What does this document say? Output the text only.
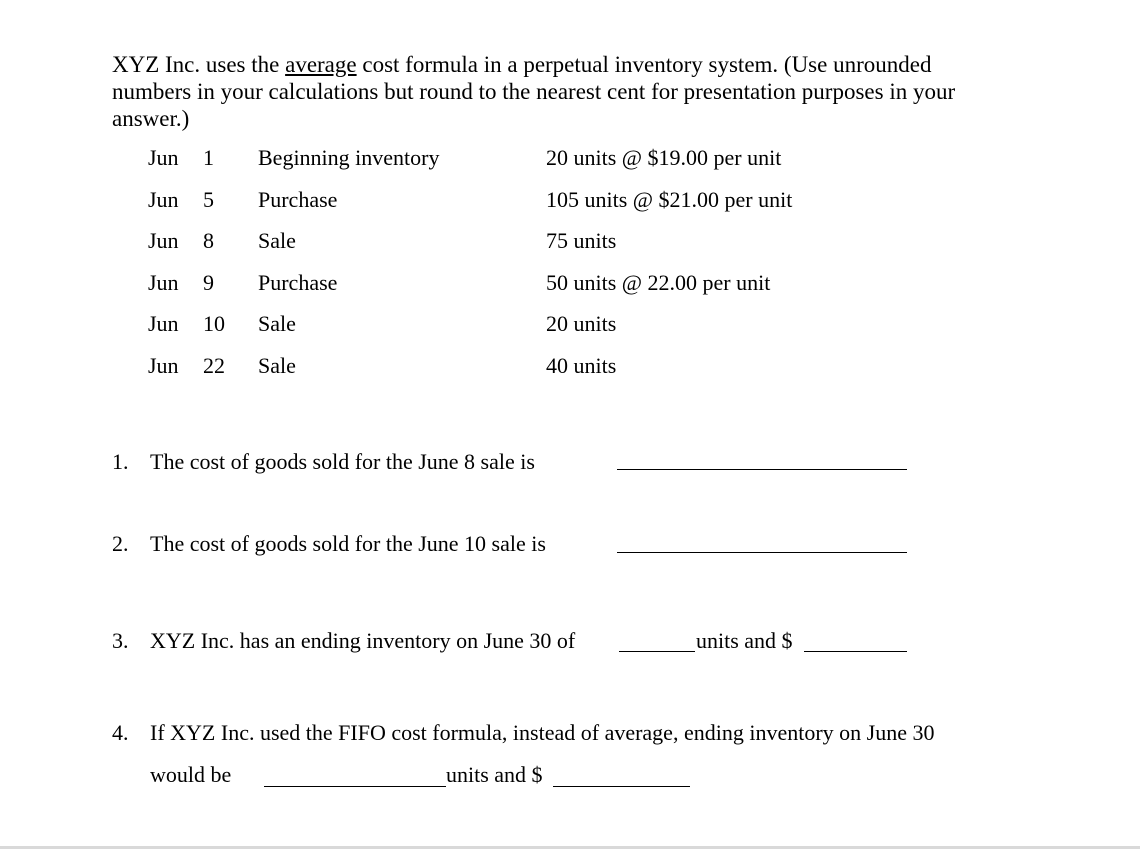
XYZ Inc. uses the average cost formula in a perpetual inventory system. (Use unrounded numbers in your calculations but round to the nearest cent for presentation purposes in your answer.)
Jun 1 Beginning inventory	20 units @ $19.00 per unit
Jun 5 Purchase	105 units @ $21.00 per unit
Jun 8 Sale	75 units
Jun 9 Purchase	50 units @ 22.00 per unit
Jun 10 Sale	20 units
Jun 22 Sale	40 units
1. The cost of goods sold for the June 8 sale is
2. The cost of goods sold for the June 10 sale is
3. XYZ Inc. has an ending inventory on June 30 of	units and $
4. If XYZ Inc. used the FIFO cost formula, instead of average, ending inventory on June 30
would be	units and $
